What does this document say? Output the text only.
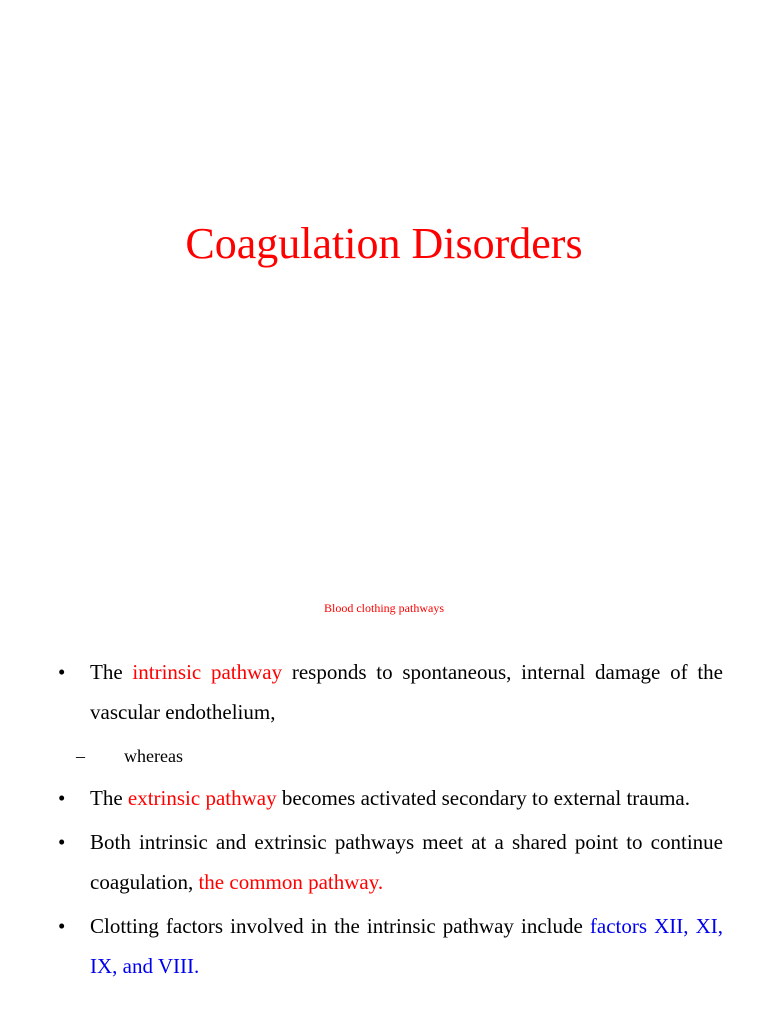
Coagulation Disorders
Blood clothing pathways
• The intrinsic pathway responds to spontaneous, internal damage of the vascular endothelium,
– whereas
• The extrinsic pathway becomes activated secondary to external trauma.
• Both intrinsic and extrinsic pathways meet at a shared point to continue coagulation, the common pathway.
• Clotting factors involved in the intrinsic pathway include factors XII, XI, IX, and VIII.
